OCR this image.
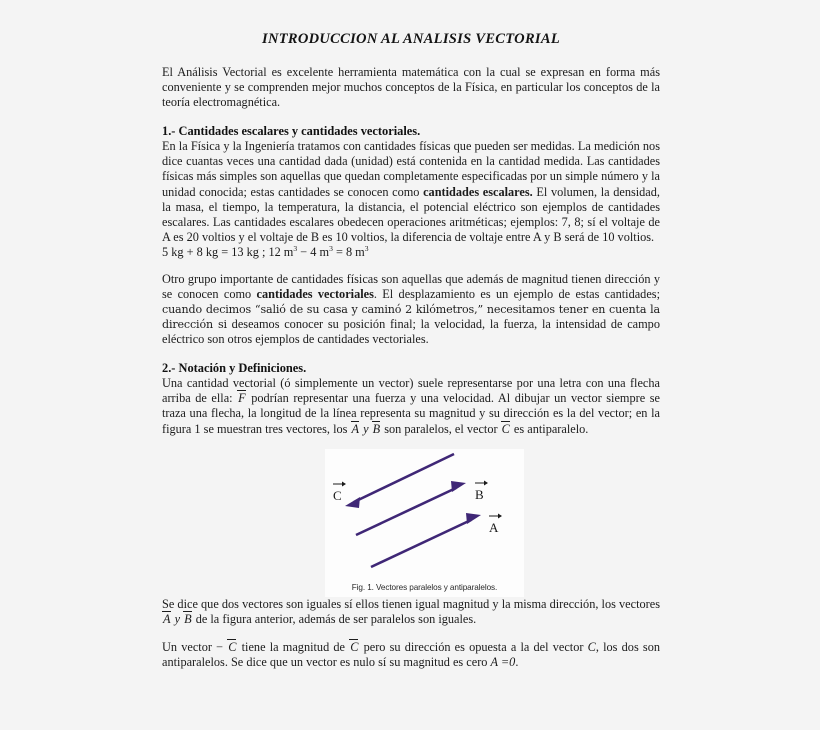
INTRODUCCION AL ANALISIS VECTORIAL

El Análisis Vectorial es excelente herramienta matemática con la cual se expresan en forma más conveniente y se comprenden mejor muchos conceptos de la Física, en particular los conceptos de la teoría electromagnética.

1.- Cantidades escalares y cantidades vectoriales.

En la Física y la Ingeniería tratamos con cantidades físicas que pueden ser medidas. La medición nos dice cuantas veces una cantidad dada (unidad) está contenida en la cantidad medida. Las cantidades físicas más simples son aquellas que quedan completamente especificadas por un simple número y la unidad conocida; estas cantidades se conocen como cantidades escalares. El volumen, la densidad, la masa, el tiempo, la temperatura, la distancia, el potencial eléctrico son ejemplos de cantidades escalares. Las cantidades escalares obedecen operaciones aritméticas; ejemplos: 7, 8; sí el voltaje de A es 20 voltios y el voltaje de B es 10 voltios, la diferencia de voltaje entre A y B será de 10 voltios.

5 kg + 8 kg = 13 kg ; 12 $m^3 - 4$ $m^3 = 8$ $m^3$

Otro grupo importante de cantidades físicas son aquellas que además de magnitud tienen dirección y se conocen como cantidades vectoriales. El desplazamiento es un ejemplo de estas cantidades; cuando decimos “salió de su casa y caminó 2 kilómetros,” necesitamos tener en cuenta la dirección si deseamos conocer su posición final; la velocidad, la fuerza, la intensidad de campo eléctrico son otros ejemplos de cantidades vectoriales.

2.- Notación y Definiciones.

Una cantidad vectorial (ó simplemente un vector) suele representarse por una letra con una flecha arriba de ella: F podrían representar una fuerza y una velocidad. Al dibujar un vector siempre se traza una flecha, la longitud de la línea representa su magnitud y su dirección es la del vector; en la figura 1 se muestran tres vectores, los A y B son paralelos, el vector C es antiparalelo.

Se dice que dos vectores son iguales sí ellos tienen igual magnitud y la misma dirección, los vectores A y B de la figura anterior, además de ser paralelos son iguales.

Un vector − C tiene la magnitud de C pero su dirección es opuesta a la del vector C, los dos son antiparalelos. Se dice que un vector es nulo sí su magnitud es cero A =0.

C	B
A
Fig. 1. Vectores paralelos y antiparalelos.
